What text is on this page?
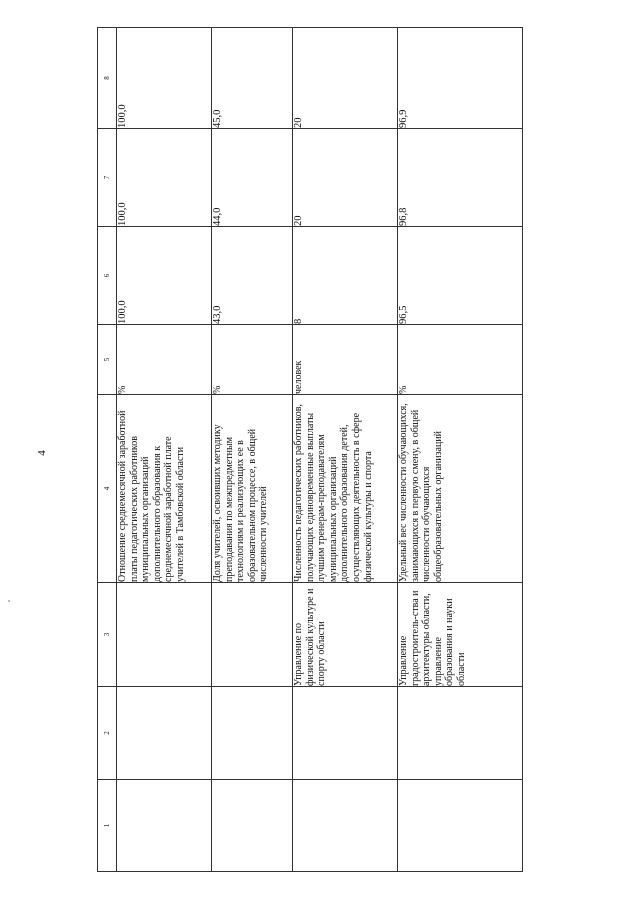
4
1	2	3	4	5	6	7	8
			Отношение среднемесячной заработной платы педагогических работников муниципальных организаций дополнительного образования к среднемесячной заработной плате учителей в Тамбовской области	%	100,0	100,0	100,0
			Доля учителей, освоивших методику преподавания по межпредметным технологиям и реализующих ее в образовательном процессе, в общей численности учителей	%	43,0	44,0	45,0
		Управление по физической культуре и спорту области	Численность педагогических работников, получающих единовременные выплаты лучшим тренерам-преподавателям муниципальных организаций дополнительного образования детей, осуществляющих деятельность в сфере физической культуры и спорта	человек	8	20	20
		Управление градостроитель-ства и архитектуры области, управление образования и науки области	Удельный вес численности обучающихся, занимающихся в первую смену, в общей численности обучающихся общеобразовательных организаций	%	96,5	96,8	96,9
